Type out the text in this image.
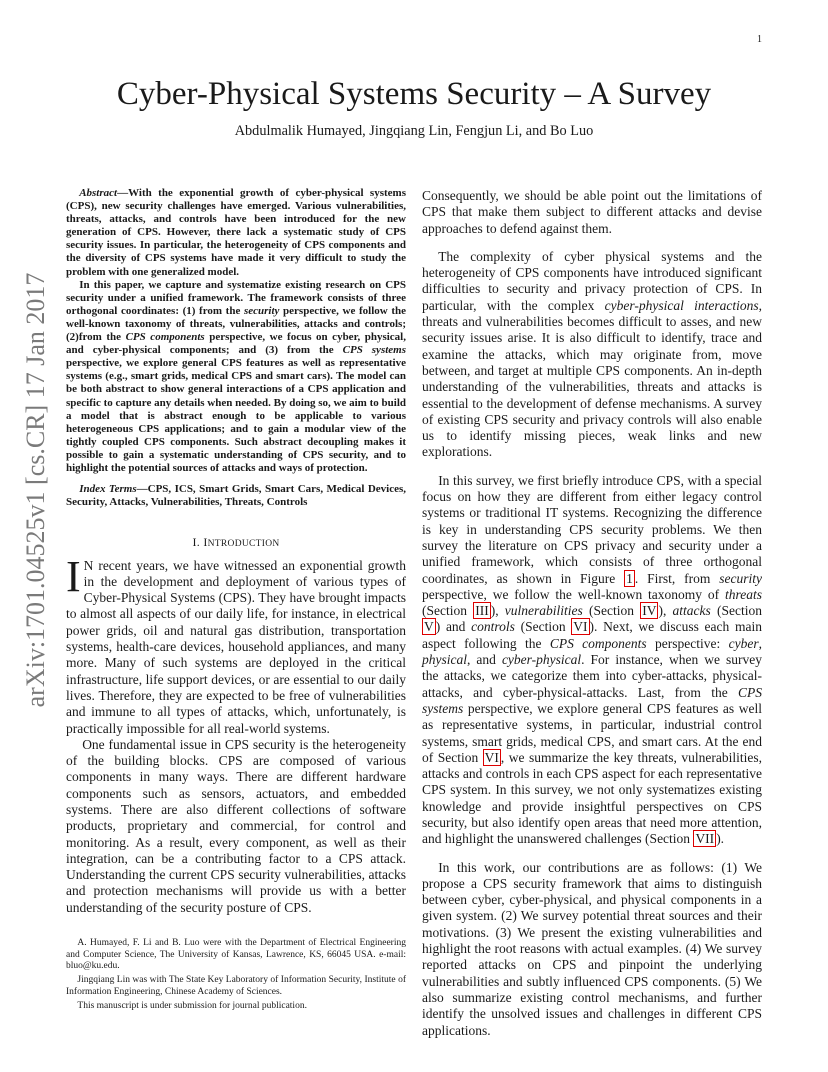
1
arXiv:1701.04525v1 [cs.CR] 17 Jan 2017
Cyber-Physical Systems Security – A Survey
Abdulmalik Humayed, Jingqiang Lin, Fengjun Li, and Bo Luo

Abstract—With the exponential growth of cyber-physical systems (CPS), new security challenges have emerged. Various vulnerabilities, threats, attacks, and controls have been introduced for the new generation of CPS. However, there lack a systematic study of CPS security issues. In particular, the heterogeneity of CPS components and the diversity of CPS systems have made it very difficult to study the problem with one generalized model.

In this paper, we capture and systematize existing research on CPS security under a unified framework. The framework consists of three orthogonal coordinates: (1) from the security perspective, we follow the well-known taxonomy of threats, vulnerabilities, attacks and controls; (2)from the CPS components perspective, we focus on cyber, physical, and cyber-physical components; and (3) from the CPS systems perspective, we explore general CPS features as well as representative systems (e.g., smart grids, medical CPS and smart cars). The model can be both abstract to show general interactions of a CPS application and specific to capture any details when needed. By doing so, we aim to build a model that is abstract enough to be applicable to various heterogeneous CPS applications; and to gain a modular view of the tightly coupled CPS components. Such abstract decoupling makes it possible to gain a systematic understanding of CPS security, and to highlight the potential sources of attacks and ways of protection.

Index Terms—CPS, ICS, Smart Grids, Smart Cars, Medical Devices, Security, Attacks, Vulnerabilities, Threats, Controls

I. INTRODUCTION

I N recent years, we have witnessed an exponential growth in the development and deployment of various types of Cyber-Physical Systems (CPS). They have brought impacts to almost all aspects of our daily life, for instance, in electrical power grids, oil and natural gas distribution, transportation systems, health-care devices, household appliances, and many more. Many of such systems are deployed in the critical infrastructure, life support devices, or are essential to our daily lives. Therefore, they are expected to be free of vulnerabilities and immune to all types of attacks, which, unfortunately, is practically impossible for all real-world systems.

One fundamental issue in CPS security is the heterogeneity of the building blocks. CPS are composed of various components in many ways. There are different hardware components such as sensors, actuators, and embedded systems. There are also different collections of software products, proprietary and commercial, for control and monitoring. As a result, every component, as well as their integration, can be a contributing factor to a CPS attack. Understanding the current CPS security vulnerabilities, attacks and protection mechanisms will provide us with a better understanding of the security posture of CPS.

A. Humayed, F. Li and B. Luo were with the Department of Electrical Engineering and Computer Science, The University of Kansas, Lawrence, KS, 66045 USA. e-mail: bluo@ku.edu.

Jingqiang Lin was with The State Key Laboratory of Information Security, Institute of Information Engineering, Chinese Academy of Sciences.

This manuscript is under submission for journal publication.

Consequently, we should be able point out the limitations of CPS that make them subject to different attacks and devise approaches to defend against them.

The complexity of cyber physical systems and the heterogeneity of CPS components have introduced significant difficulties to security and privacy protection of CPS. In particular, with the complex cyber-physical interactions, threats and vulnerabilities becomes difficult to asses, and new security issues arise. It is also difficult to identify, trace and examine the attacks, which may originate from, move between, and target at multiple CPS components. An in-depth understanding of the vulnerabilities, threats and attacks is essential to the development of defense mechanisms. A survey of existing CPS security and privacy controls will also enable us to identify missing pieces, weak links and new explorations.

In this survey, we first briefly introduce CPS, with a special focus on how they are different from either legacy control systems or traditional IT systems. Recognizing the difference is key in understanding CPS security problems. We then survey the literature on CPS privacy and security under a unified framework, which consists of three orthogonal coordinates, as shown in Figure 1 . First, from security perspective, we follow the well-known taxonomy of threats (Section III ), vulnerabilities (Section IV ), attacks (Section V ) and controls (Section VI ). Next, we discuss each main aspect following the CPS components perspective: cyber, physical, and cyber-physical. For instance, when we survey the attacks, we categorize them into cyber-attacks, physical-attacks, and cyber-physical-attacks. Last, from the CPS systems perspective, we explore general CPS features as well as representative systems, in particular, industrial control systems, smart grids, medical CPS, and smart cars. At the end of Section VI , we summarize the key threats, vulnerabilities, attacks and controls in each CPS aspect for each representative CPS system. In this survey, we not only systematizes existing knowledge and provide insightful perspectives on CPS security, but also identify open areas that need more attention, and highlight the unanswered challenges (Section VII ).

In this work, our contributions are as follows: (1) We propose a CPS security framework that aims to distinguish between cyber, cyber-physical, and physical components in a given system. (2) We survey potential threat sources and their motivations. (3) We present the existing vulnerabilities and highlight the root reasons with actual examples. (4) We survey reported attacks on CPS and pinpoint the underlying vulnerabilities and subtly influenced CPS components. (5) We also summarize existing control mechanisms, and further identify the unsolved issues and challenges in different CPS applications.
